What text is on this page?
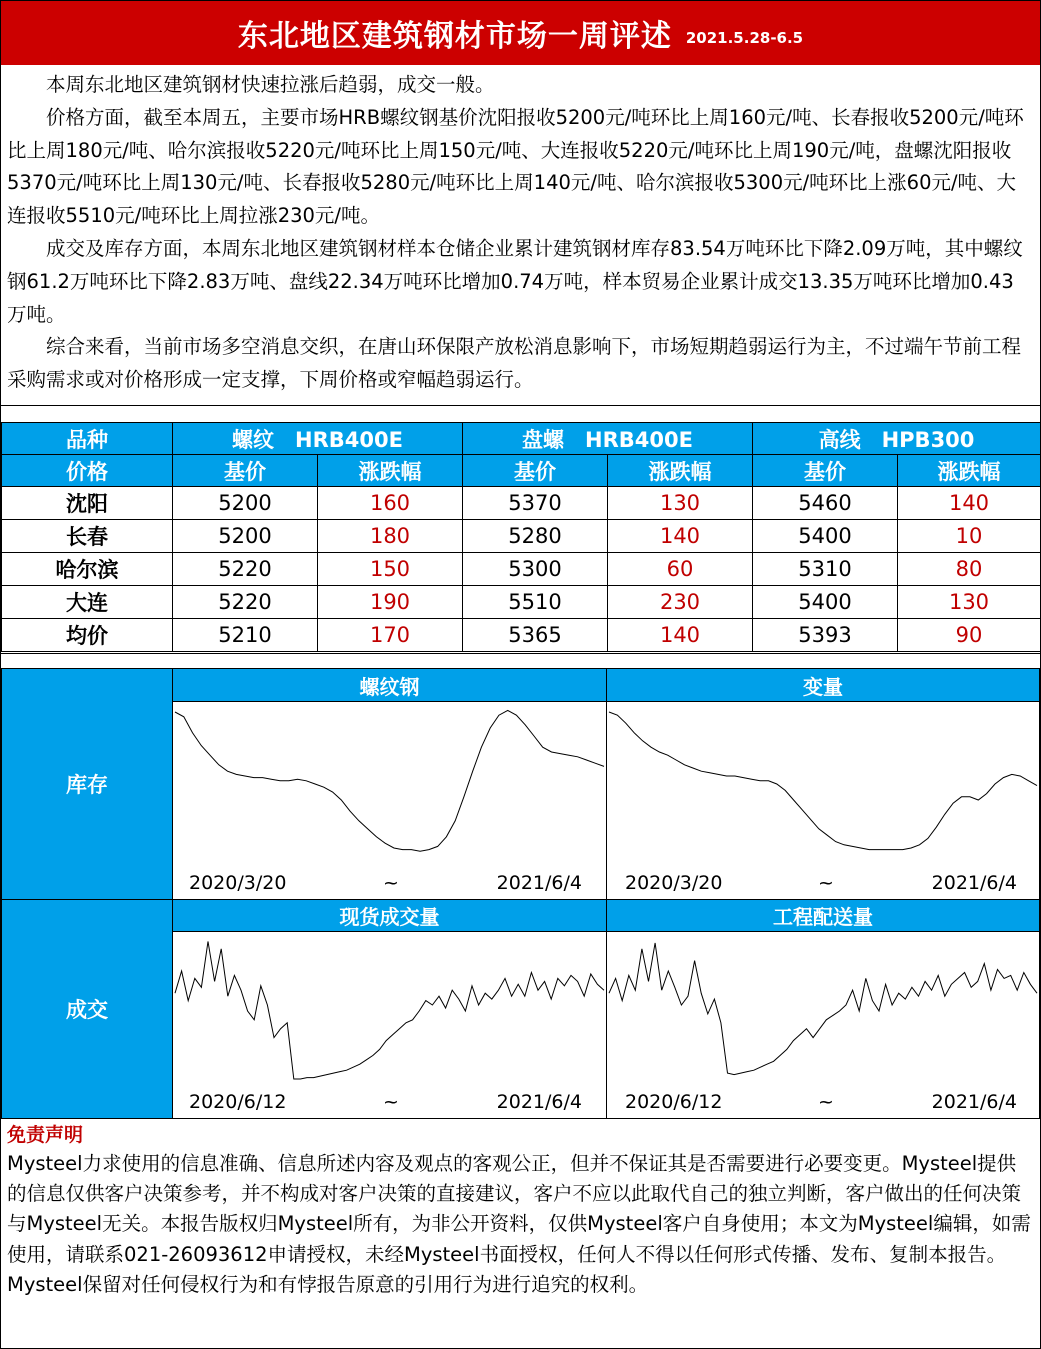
东北地区建筑钢材市场一周评述 2021.5.28-6.5

本周东北地区建筑钢材快速拉涨后趋弱，成交一般。

价格方面，截至本周五，主要市场HRB螺纹钢基价沈阳报收5200元/吨环比上周160元/吨、长春报收5200元/吨环比上周180元/吨、哈尔滨报收5220元/吨环比上周150元/吨、大连报收5220元/吨环比上周190元/吨，盘螺沈阳报收5370元/吨环比上周130元/吨、长春报收5280元/吨环比上周140元/吨、哈尔滨报收5300元/吨环比上涨60元/吨、大连报收5510元/吨环比上周拉涨230元/吨。

成交及库存方面，本周东北地区建筑钢材样本仓储企业累计建筑钢材库存83.54万吨环比下降2.09万吨，其中螺纹钢61.2万吨环比下降2.83万吨、盘线22.34万吨环比增加0.74万吨，样本贸易企业累计成交13.35万吨环比增加0.43万吨。

综合来看，当前市场多空消息交织，在唐山环保限产放松消息影响下，市场短期趋弱运行为主，不过端午节前工程采购需求或对价格形成一定支撑，下周价格或窄幅趋弱运行。

品种	螺纹　HRB400E		盘螺　HRB400E		高线　HPB300	
价格	基价	涨跌幅	基价	涨跌幅	基价	涨跌幅
沈阳	5200	160	5370	130	5460	140
长春	5200	180	5280	140	5400	10
哈尔滨	5220	150	5300	60	5310	80
大连	5220	190	5510	230	5400	130
均价	5210	170	5365	140	5393	90
库存
螺纹钢	变量
2020/3/20	~	2021/6/4 2020/3/20	~	2021/6/4
成交
现货成交量	工程配送量
2020/6/12	~	2021/6/4 2020/6/12	~	2021/6/4
免责声明

Mysteel力求使用的信息准确、信息所述内容及观点的客观公正，但并不保证其是否需要进行必要变更。Mysteel提供的信息仅供客户决策参考，并不构成对客户决策的直接建议，客户不应以此取代自己的独立判断，客户做出的任何决策与Mysteel无关。本报告版权归Mysteel所有，为非公开资料，仅供Mysteel客户自身使用；本文为Mysteel编辑，如需使用，请联系021-26093612申请授权，未经Mysteel书面授权，任何人不得以任何形式传播、发布、复制本报告。Mysteel保留对任何侵权行为和有悖报告原意的引用行为进行追究的权利。
